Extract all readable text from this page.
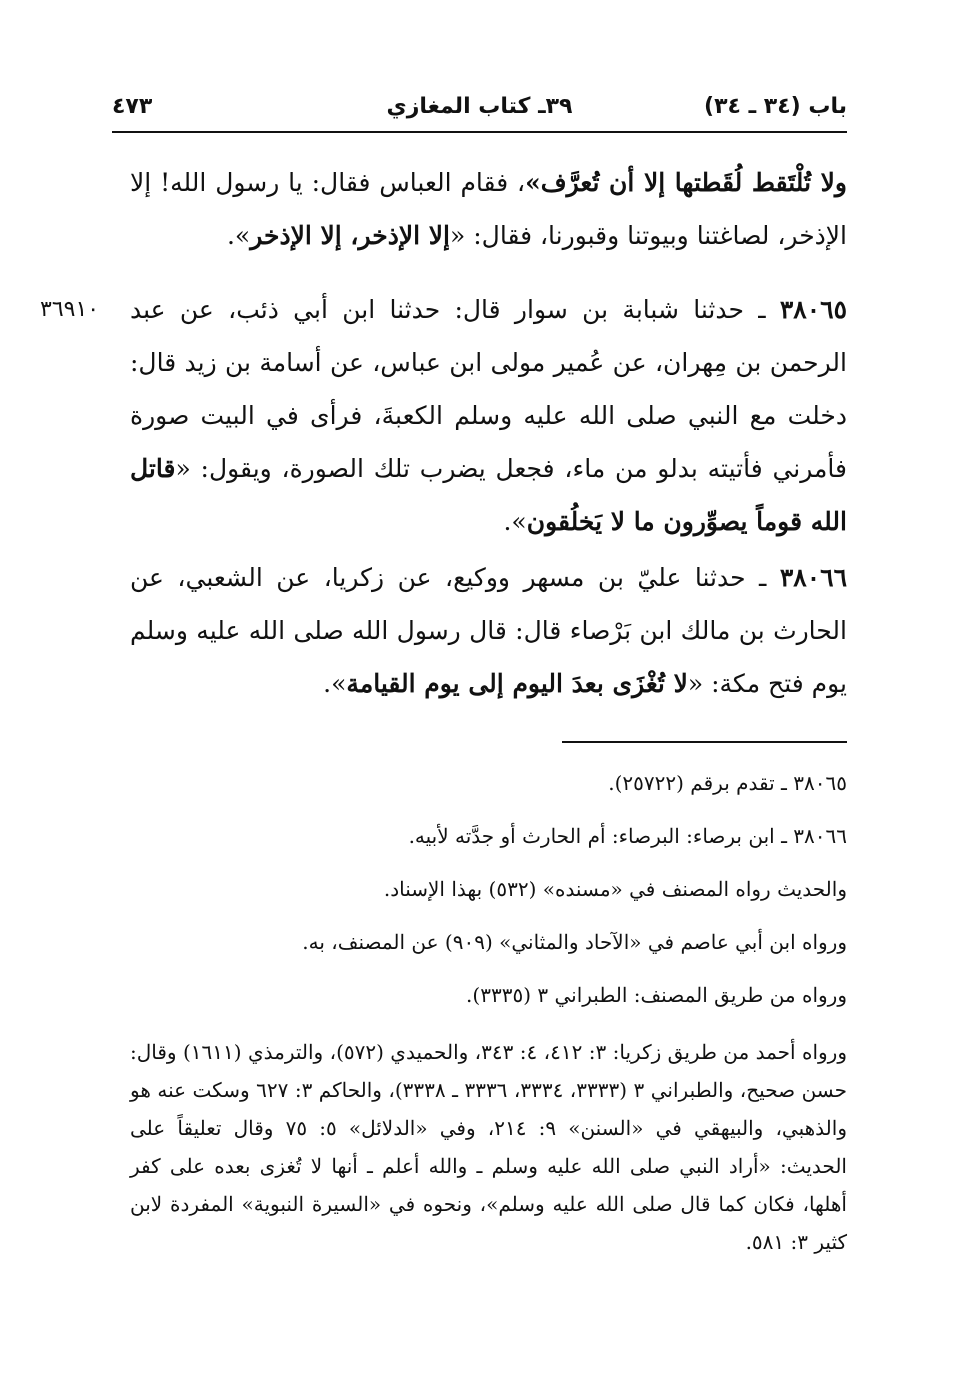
باب (٣٤ ـ ٣٤)
٣٩ـ كتاب المغازي
٤٧٣
ولا تُلْتَقط لُقَطتها إلا أن تُعرَّف»، فقام العباس فقال: يا رسول الله! إلا الإذخر، لصاغتنا وبيوتنا وقبورنا، فقال: «إلا الإذخر، إلا الإذخر».
٣٦٩١٠	٣٨٠٦٥ ـ حدثنا شبابة بن سوار قال: حدثنا ابن أبي ذئب، عن عبد الرحمن بن مِهران، عن عُمير مولى ابن عباس، عن أسامة بن زيد قال: دخلت مع النبي صلى الله عليه وسلم الكعبةَ، فرأى في البيت صورة فأمرني فأتيته بدلو من ماء، فجعل يضرب تلك الصورة، ويقول: «قاتل الله قوماً يصوِّرون ما لا يَخلُقون».
٣٨٠٦٦ ـ حدثنا عليّ بن مسهر ووكيع، عن زكريا، عن الشعبي، عن الحارث بن مالك ابن بَرْصاء قال: قال رسول الله صلى الله عليه وسلم يوم فتح مكة: «لا تُغْزَى بعدَ اليوم إلى يوم القيامة».

٣٨٠٦٥ ـ تقدم برقم (٢٥٧٢٢).

٣٨٠٦٦ ـ ابن برصاء: البرصاء: أم الحارث أو جدَّته لأبيه.

والحديث رواه المصنف في «مسنده» (٥٣٢) بهذا الإسناد.

ورواه ابن أبي عاصم في «الآحاد والمثاني» (٩٠٩) عن المصنف، به.

ورواه من طريق المصنف: الطبراني ٣ (٣٣٣٥).

ورواه أحمد من طريق زكريا: ٣: ٤١٢، ٤: ٣٤٣، والحميدي (٥٧٢)، والترمذي (١٦١١) وقال: حسن صحيح، والطبراني ٣ (٣٣٣٣، ٣٣٣٤، ٣٣٣٦ ـ ٣٣٣٨)، والحاكم ٣: ٦٢٧ وسكت عنه هو والذهبي، والبيهقي في «السنن» ٩: ٢١٤، وفي «الدلائل» ٥: ٧٥ وقال تعليقاً على الحديث: «أراد النبي صلى الله عليه وسلم ـ والله أعلم ـ أنها لا تُغزى بعده على كفر أهلها، فكان كما قال صلى الله عليه وسلم»، ونحوه في «السيرة النبوية» المفردة لابن كثير ٣: ٥٨١.
